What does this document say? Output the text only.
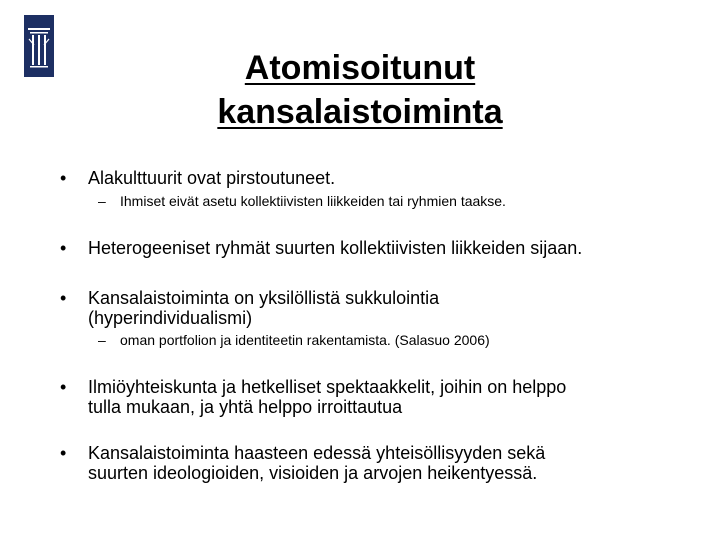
Atomisoitunut
kansalaistoiminta
• Alakulttuurit ovat pirstoutuneet.
– Ihmiset eivät asetu kollektiivisten liikkeiden tai ryhmien taakse.
• Heterogeeniset ryhmät suurten kollektiivisten liikkeiden sijaan.
• Kansalaistoiminta on yksilöllistä sukkulointia
(hyperindividualismi)
– oman portfolion ja identiteetin rakentamista. (Salasuo 2006)
• Ilmiöyhteiskunta ja hetkelliset spektaakkelit, joihin on helppo
tulla mukaan, ja yhtä helppo irroittautua
• Kansalaistoiminta haasteen edessä yhteisöllisyyden sekä
suurten ideologioiden, visioiden ja arvojen heikentyessä.
